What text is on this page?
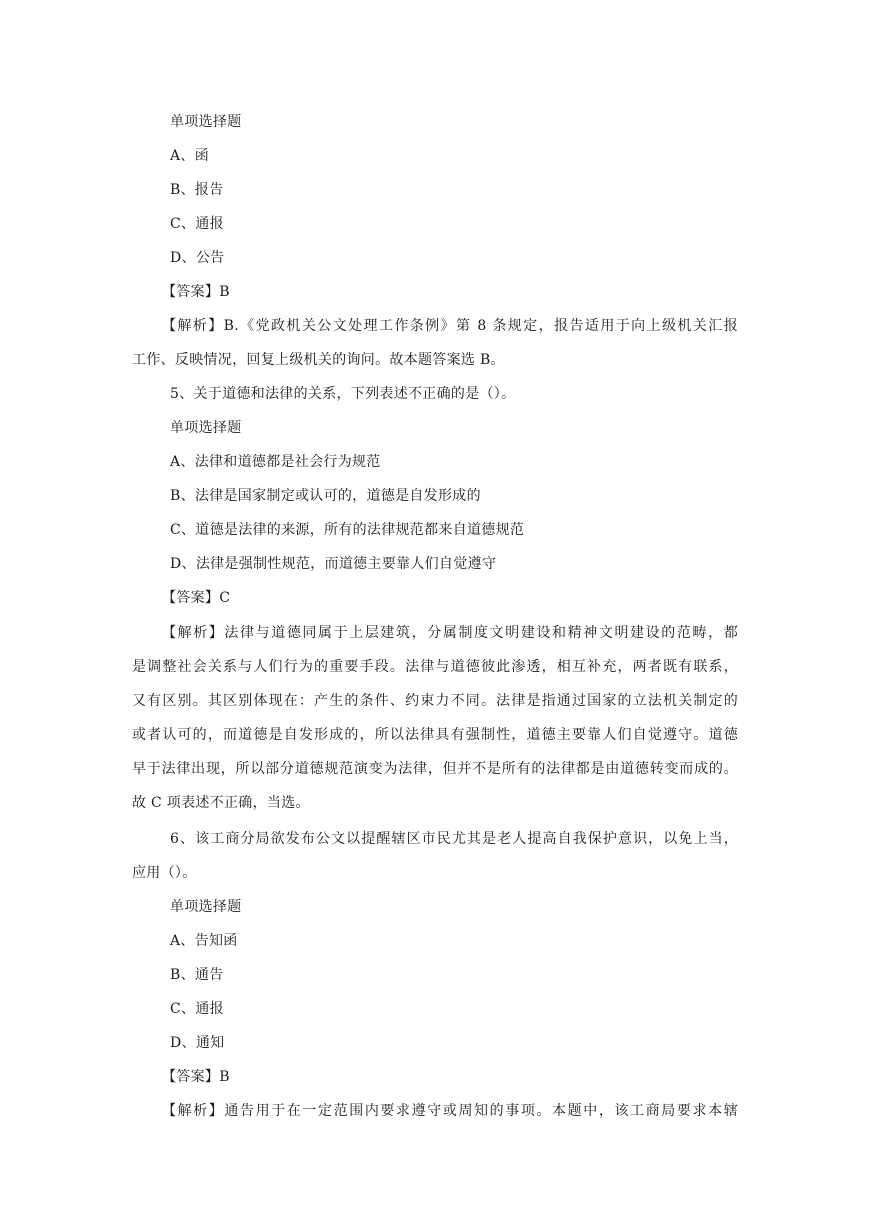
单项选择题
A、函
B、报告
C、通报
D、公告
【答案】B
【解析】B.《党政机关公文处理工作条例》第 8 条规定，报告适用于向上级机关汇报
工作、反映情况，回复上级机关的询问。故本题答案选 B。
5、关于道德和法律的关系，下列表述不正确的是（）。
单项选择题
A、法律和道德都是社会行为规范
B、法律是国家制定或认可的，道德是自发形成的
C、道德是法律的来源，所有的法律规范都来自道德规范
D、法律是强制性规范，而道德主要靠人们自觉遵守
【答案】C
【解析】法律与道德同属于上层建筑，分属制度文明建设和精神文明建设的范畴，都
是调整社会关系与人们行为的重要手段。法律与道德彼此渗透，相互补充，两者既有联系，
又有区别。其区别体现在：产生的条件、约束力不同。法律是指通过国家的立法机关制定的
或者认可的，而道德是自发形成的，所以法律具有强制性，道德主要靠人们自觉遵守。道德
早于法律出现，所以部分道德规范演变为法律，但并不是所有的法律都是由道德转变而成的。
故 C 项表述不正确，当选。
6、该工商分局欲发布公文以提醒辖区市民尤其是老人提高自我保护意识，以免上当，
应用（）。
单项选择题
A、告知函
B、通告
C、通报
D、通知
【答案】B
【解析】通告用于在一定范围内要求遵守或周知的事项。本题中，该工商局要求本辖
